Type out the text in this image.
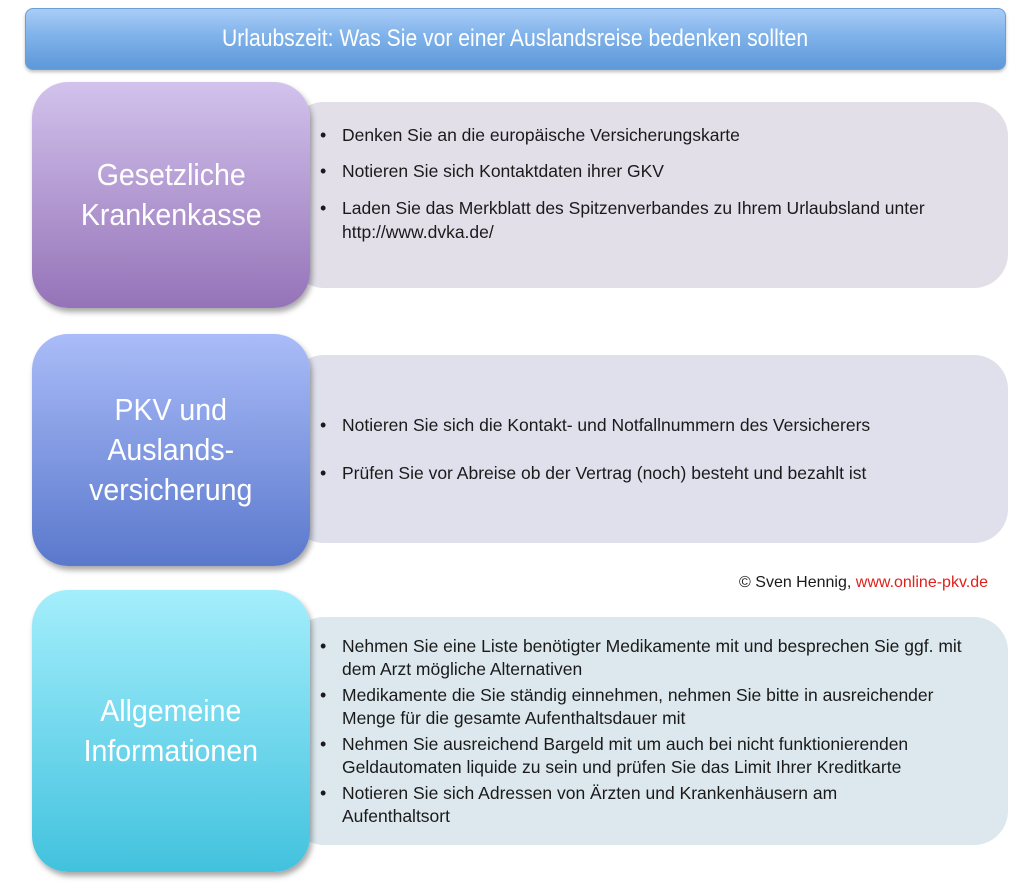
Urlaubszeit: Was Sie vor einer Auslandsreise bedenken sollten
Gesetzliche
Krankenkasse
• Denken Sie an die europäische Versicherungskarte
• Notieren Sie sich Kontaktdaten ihrer GKV
• Laden Sie das Merkblatt des Spitzenverbandes zu Ihrem Urlaubsland unter http://www.dvka.de/
PKV und
Auslands-
versicherung
• Notieren Sie sich die Kontakt- und Notfallnummern des Versicherers
• Prüfen Sie vor Abreise ob der Vertrag (noch) besteht und bezahlt ist
© Sven Hennig, www.online-pkv.de
Allgemeine
Informationen
• Nehmen Sie eine Liste benötigter Medikamente mit und besprechen Sie ggf. mit dem Arzt mögliche Alternativen
• Medikamente die Sie ständig einnehmen, nehmen Sie bitte in ausreichender Menge für die gesamte Aufenthaltsdauer mit
• Nehmen Sie ausreichend Bargeld mit um auch bei nicht funktionierenden Geldautomaten liquide zu sein und prüfen Sie das Limit Ihrer Kreditkarte
• Notieren Sie sich Adressen von Ärzten und Krankenhäusern am Aufenthaltsort
